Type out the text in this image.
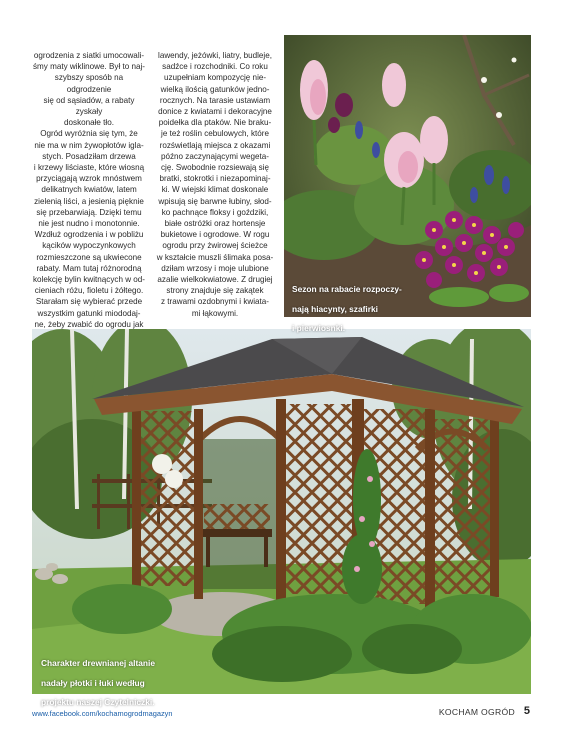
ogrodzenia z siatki umocowali-

śmy maty wiklinowe. Był to naj-

szybszy sposób na odgrodzenie

się od sąsiadów, a rabaty zyskały

doskonałe tło.

Ogród wyróżnia się tym, że

nie ma w nim żywopłotów igla-

stych. Posadziłam drzewa

i krzewy liściaste, które wiosną

przyciągają wzrok mnóstwem

delikatnych kwiatów, latem

zielenią liści, a jesienią pięknie

się przebarwiają. Dzięki temu

nie jest nudno i monotonnie.

Wzdłuż ogrodzenia i w pobliżu

kącików wypoczynkowych

rozmieszczone są ukwiecone

rabaty. Mam tutaj różnorodną

kolekcję bylin kwitnących w od-

cieniach różu, fioletu i żółtego.

Starałam się wybierać przede

wszystkim gatunki miododaj-

ne, żeby zwabić do ogrodu jak

lawendy, jeżówki, liatry, budleje,

sadźce i rozchodniki. Co roku

uzupełniam kompozycję nie-

wielką ilością gatunków jedno-

rocznych. Na tarasie ustawiam

donice z kwiatami i dekoracyjne

poidełka dla ptaków. Nie braku-

je też roślin cebulowych, które

rozświetlają miejsca z okazami

późno zaczynającymi wegeta-

cję. Swobodnie rozsiewają się

bratki, stokrotki i niezapominaj-

ki. W wiejski klimat doskonale

wpisują się barwne łubiny, słod-

ko pachnące floksy i goździki,

białe ostróżki oraz hortensje

bukietowe i ogrodowe. W rogu

ogrodu przy żwirowej ścieżce

w kształcie muszli ślimaka posa-

dziłam wrzosy i moje ulubione

azalie wielkokwiatowe. Z drugiej

strony znajduje się zakątek

z trawami ozdobnymi i kwiata-

mi łąkowymi.

Sezon na rabacie rozpoczy-

nają hiacynty, szafirki

i pierwiosnki.

Charakter drewnianej altanie

nadały płotki i łuki według

projektu naszej Czytelniczki.

www.facebook.com/kochamogrodmagazyn	KOCHAM OGRÓD 5
